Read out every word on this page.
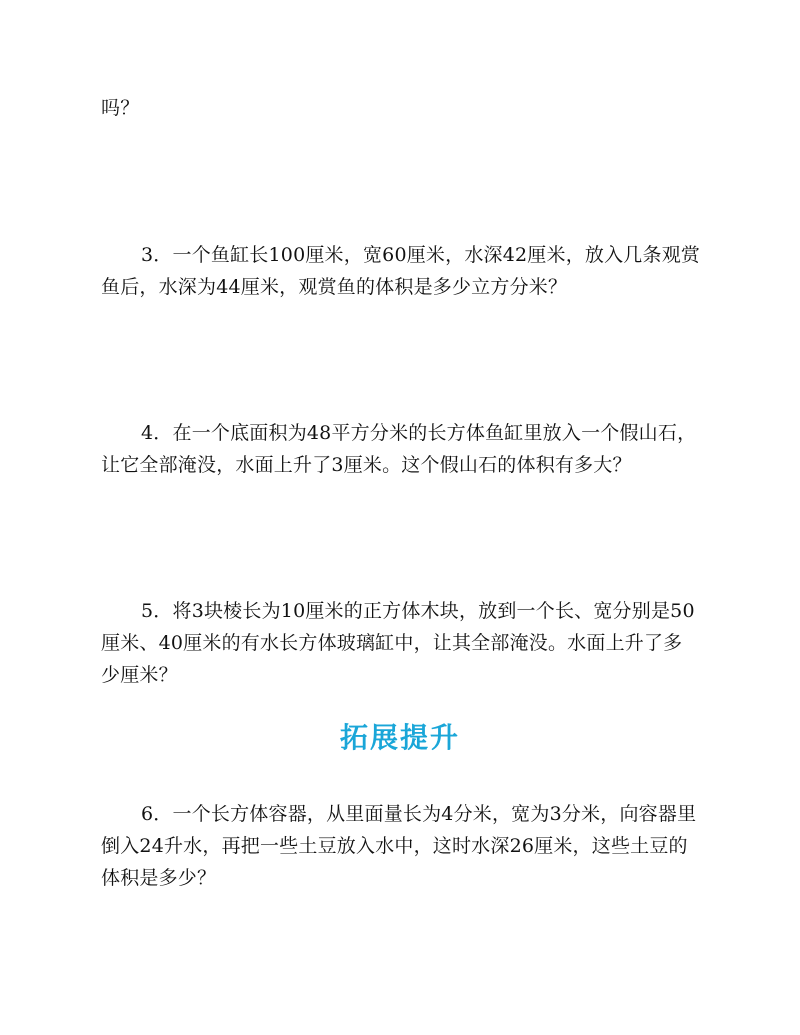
吗？
3．一个鱼缸长100厘米，宽60厘米，水深42厘米，放入几条观赏
鱼后，水深为44厘米，观赏鱼的体积是多少立方分米？
4．在一个底面积为48平方分米的长方体鱼缸里放入一个假山石，
让它全部淹没，水面上升了3厘米。这个假山石的体积有多大？
5．将3块棱长为10厘米的正方体木块，放到一个长、宽分别是50
厘米、40厘米的有水长方体玻璃缸中，让其全部淹没。水面上升了多
少厘米？
拓展提升
6．一个长方体容器，从里面量长为4分米，宽为3分米，向容器里
倒入24升水，再把一些土豆放入水中，这时水深26厘米，这些土豆的
体积是多少？
